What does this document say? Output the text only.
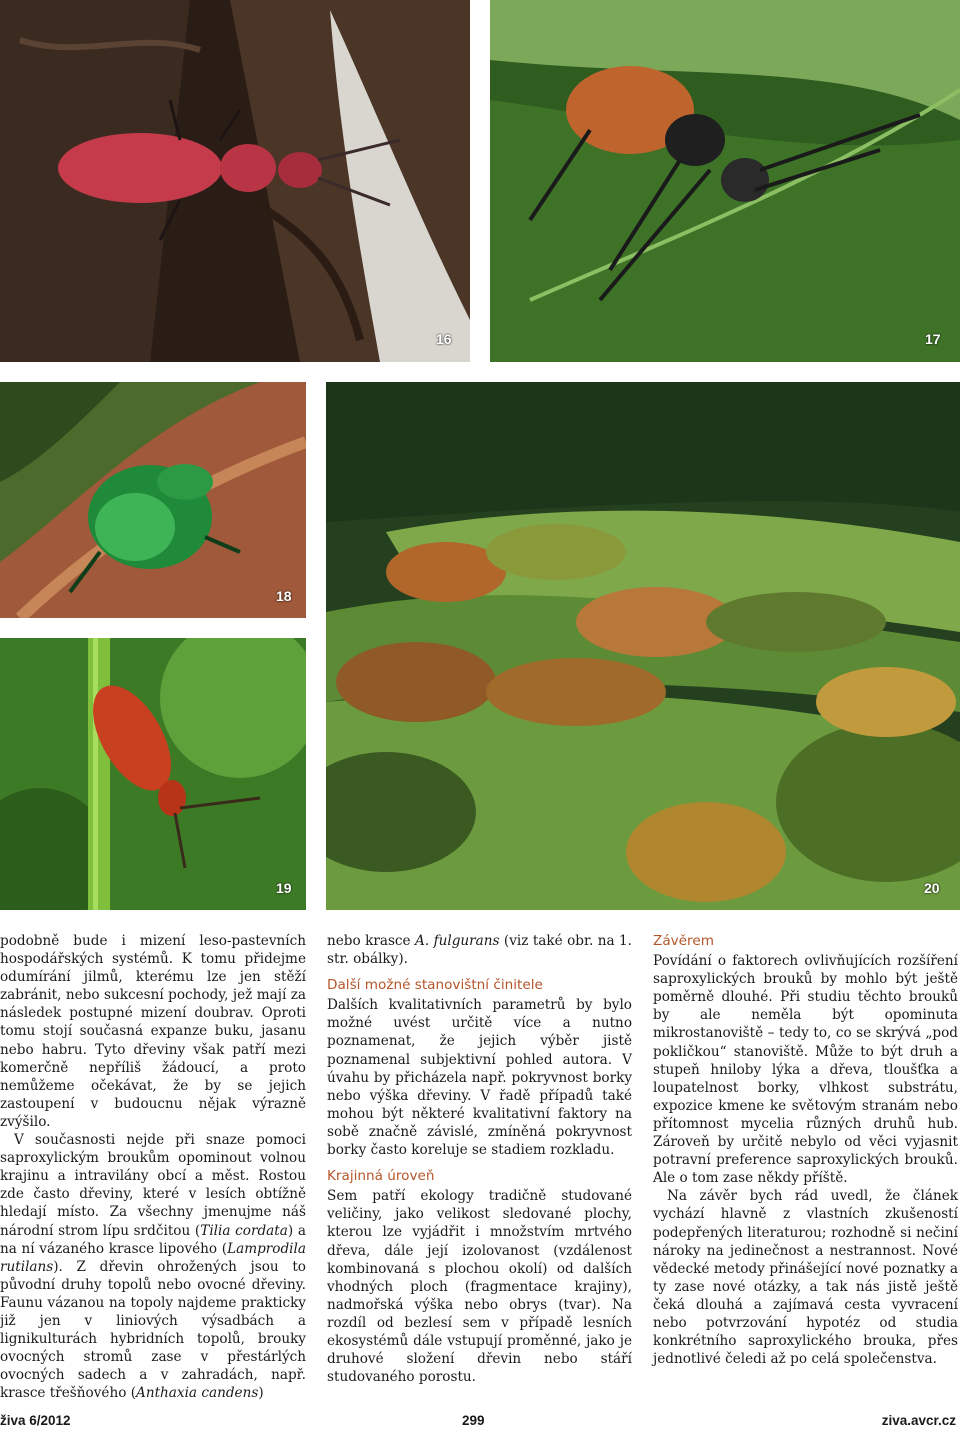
16	17
18
19	20

podobně bude i mizení leso-pastevních hospodářských systémů. K tomu přidejme odumírání jilmů, kterému lze jen stěží zabránit, nebo sukcesní pochody, jež mají za následek postupné mizení doubrav. Oproti tomu stojí současná expanze buku, jasanu nebo habru. Tyto dřeviny však patří mezi komerčně nepříliš žádoucí, a proto nemůžeme očekávat, že by se jejich zastoupení v budoucnu nějak výrazně zvýšilo.

V současnosti nejde při snaze pomoci saproxylickým broukům opominout volnou krajinu a intravilány obcí a měst. Rostou zde často dřeviny, které v lesích obtížně hledají místo. Za všechny jmenujme náš národní strom lípu srdčitou (Tilia cordata) a na ní vázaného krasce lipového (Lamprodila rutilans). Z dřevin ohrožených jsou to původní druhy topolů nebo ovocné dřeviny. Faunu vázanou na topoly najdeme prakticky již jen v liniových výsadbách a lignikulturách hybridních topolů, brouky ovocných stromů zase v přestárlých ovocných sadech a v zahradách, např. krasce třešňového (Anthaxia candens)

nebo krasce A. fulgurans (viz také obr. na 1. str. obálky).

Další možné stanovištní činitele

Dalších kvalitativních parametrů by bylo možné uvést určitě více a nutno poznamenat, že jejich výběr jistě poznamenal subjektivní pohled autora. V úvahu by přicházela např. pokryvnost borky nebo výška dřeviny. V řadě případů také mohou být některé kvalitativní faktory na sobě značně závislé, zmíněná pokryvnost borky často koreluje se stadiem rozkladu.

Krajinná úroveň

Sem patří ekology tradičně studované veličiny, jako velikost sledované plochy, kterou lze vyjádřit i množstvím mrtvého dřeva, dále její izolovanost (vzdálenost kombinovaná s plochou okolí) od dalších vhodných ploch (fragmentace krajiny), nadmořská výška nebo obrys (tvar). Na rozdíl od bezlesí sem v případě lesních ekosystémů dále vstupují proměnné, jako je druhové složení dřevin nebo stáří studovaného porostu.

Závěrem

Povídání o faktorech ovlivňujících rozšíření saproxylických brouků by mohlo být ještě poměrně dlouhé. Při studiu těchto brouků by ale neměla být opominuta mikrostanoviště – tedy to, co se skrývá „pod pokličkou“ stanoviště. Může to být druh a stupeň hniloby lýka a dřeva, tloušťka a loupatelnost borky, vlhkost substrátu, expozice kmene ke světovým stranám nebo přítomnost mycelia různých druhů hub. Zároveň by určitě nebylo od věci vyjasnit potravní preference saproxylických brouků. Ale o tom zase někdy příště.

Na závěr bych rád uvedl, že článek vychází hlavně z vlastních zkušeností podepřených literaturou; rozhodně si nečiní nároky na jedinečnost a nestrannost. Nové vědecké metody přinášející nové poznatky a ty zase nové otázky, a tak nás jistě ještě čeká dlouhá a zajímavá cesta vyvracení nebo potvrzování hypotéz od studia konkrétního saproxylického brouka, přes jednotlivé čeledi až po celá společenstva.

živa 6/2012	299	ziva.avcr.cz
